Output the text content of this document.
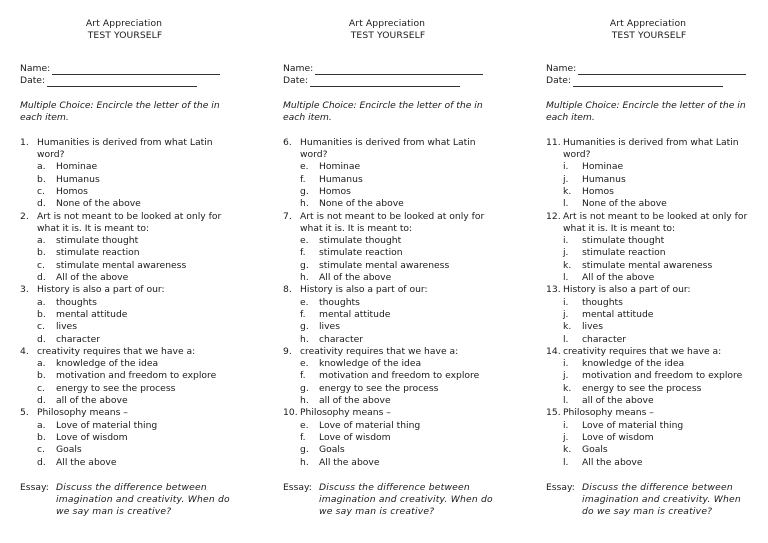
Art Appreciation
TEST YOURSELF
Name:
Date:
Multiple Choice: Encircle the letter of the in each item.
1. Humanities is derived from what Latin word?
a.	Hominae
b.	Humanus
c.	Homos
d.	None of the above
2. Art is not meant to be looked at only for what it is. It is meant to:
a.	stimulate thought
b.	stimulate reaction
c.	stimulate mental awareness
d.	All of the above
3. History is also a part of our:
a.	thoughts
b.	mental attitude
c.	lives
d.	character
4. creativity requires that we have a:
a.	knowledge of the idea
b.	motivation and freedom to explore
c.	energy to see the process
d.	all of the above
5. Philosophy means –
a.	Love of material thing
b.	Love of wisdom
c.	Goals
d.	All the above
Essay: Discuss the difference between imagination and creativity. When do we say man is creative?
Art Appreciation
TEST YOURSELF
Name:
Date:
Multiple Choice: Encircle the letter of the in each item.
6. Humanities is derived from what Latin word?
e.	Hominae
f.	Humanus
g.	Homos
h.	None of the above
7. Art is not meant to be looked at only for what it is. It is meant to:
e.	stimulate thought
f.	stimulate reaction
g.	stimulate mental awareness
h.	All of the above
8. History is also a part of our:
e.	thoughts
f.	mental attitude
g.	lives
h.	character
9. creativity requires that we have a:
e.	knowledge of the idea
f.	motivation and freedom to explore
g.	energy to see the process
h.	all of the above
10. Philosophy means –
e.	Love of material thing
f.	Love of wisdom
g.	Goals
h.	All the above
Essay: Discuss the difference between imagination and creativity. When do we say man is creative?
Art Appreciation
TEST YOURSELF
Name:
Date:
Multiple Choice: Encircle the letter of the in each item.
11. Humanities is derived from what Latin word?
i.	Hominae
j.	Humanus
k.	Homos
l.	None of the above
12. Art is not meant to be looked at only for what it is. It is meant to:
i.	stimulate thought
j.	stimulate reaction
k.	stimulate mental awareness
l.	All of the above
13. History is also a part of our:
i.	thoughts
j.	mental attitude
k.	lives
l.	character
14. creativity requires that we have a:
i.	knowledge of the idea
j.	motivation and freedom to explore
k.	energy to see the process
l.	all of the above
15. Philosophy means –
i.	Love of material thing
j.	Love of wisdom
k.	Goals
l.	All the above
Essay: Discuss the difference between imagination and creativity. When do we say man is creative?
